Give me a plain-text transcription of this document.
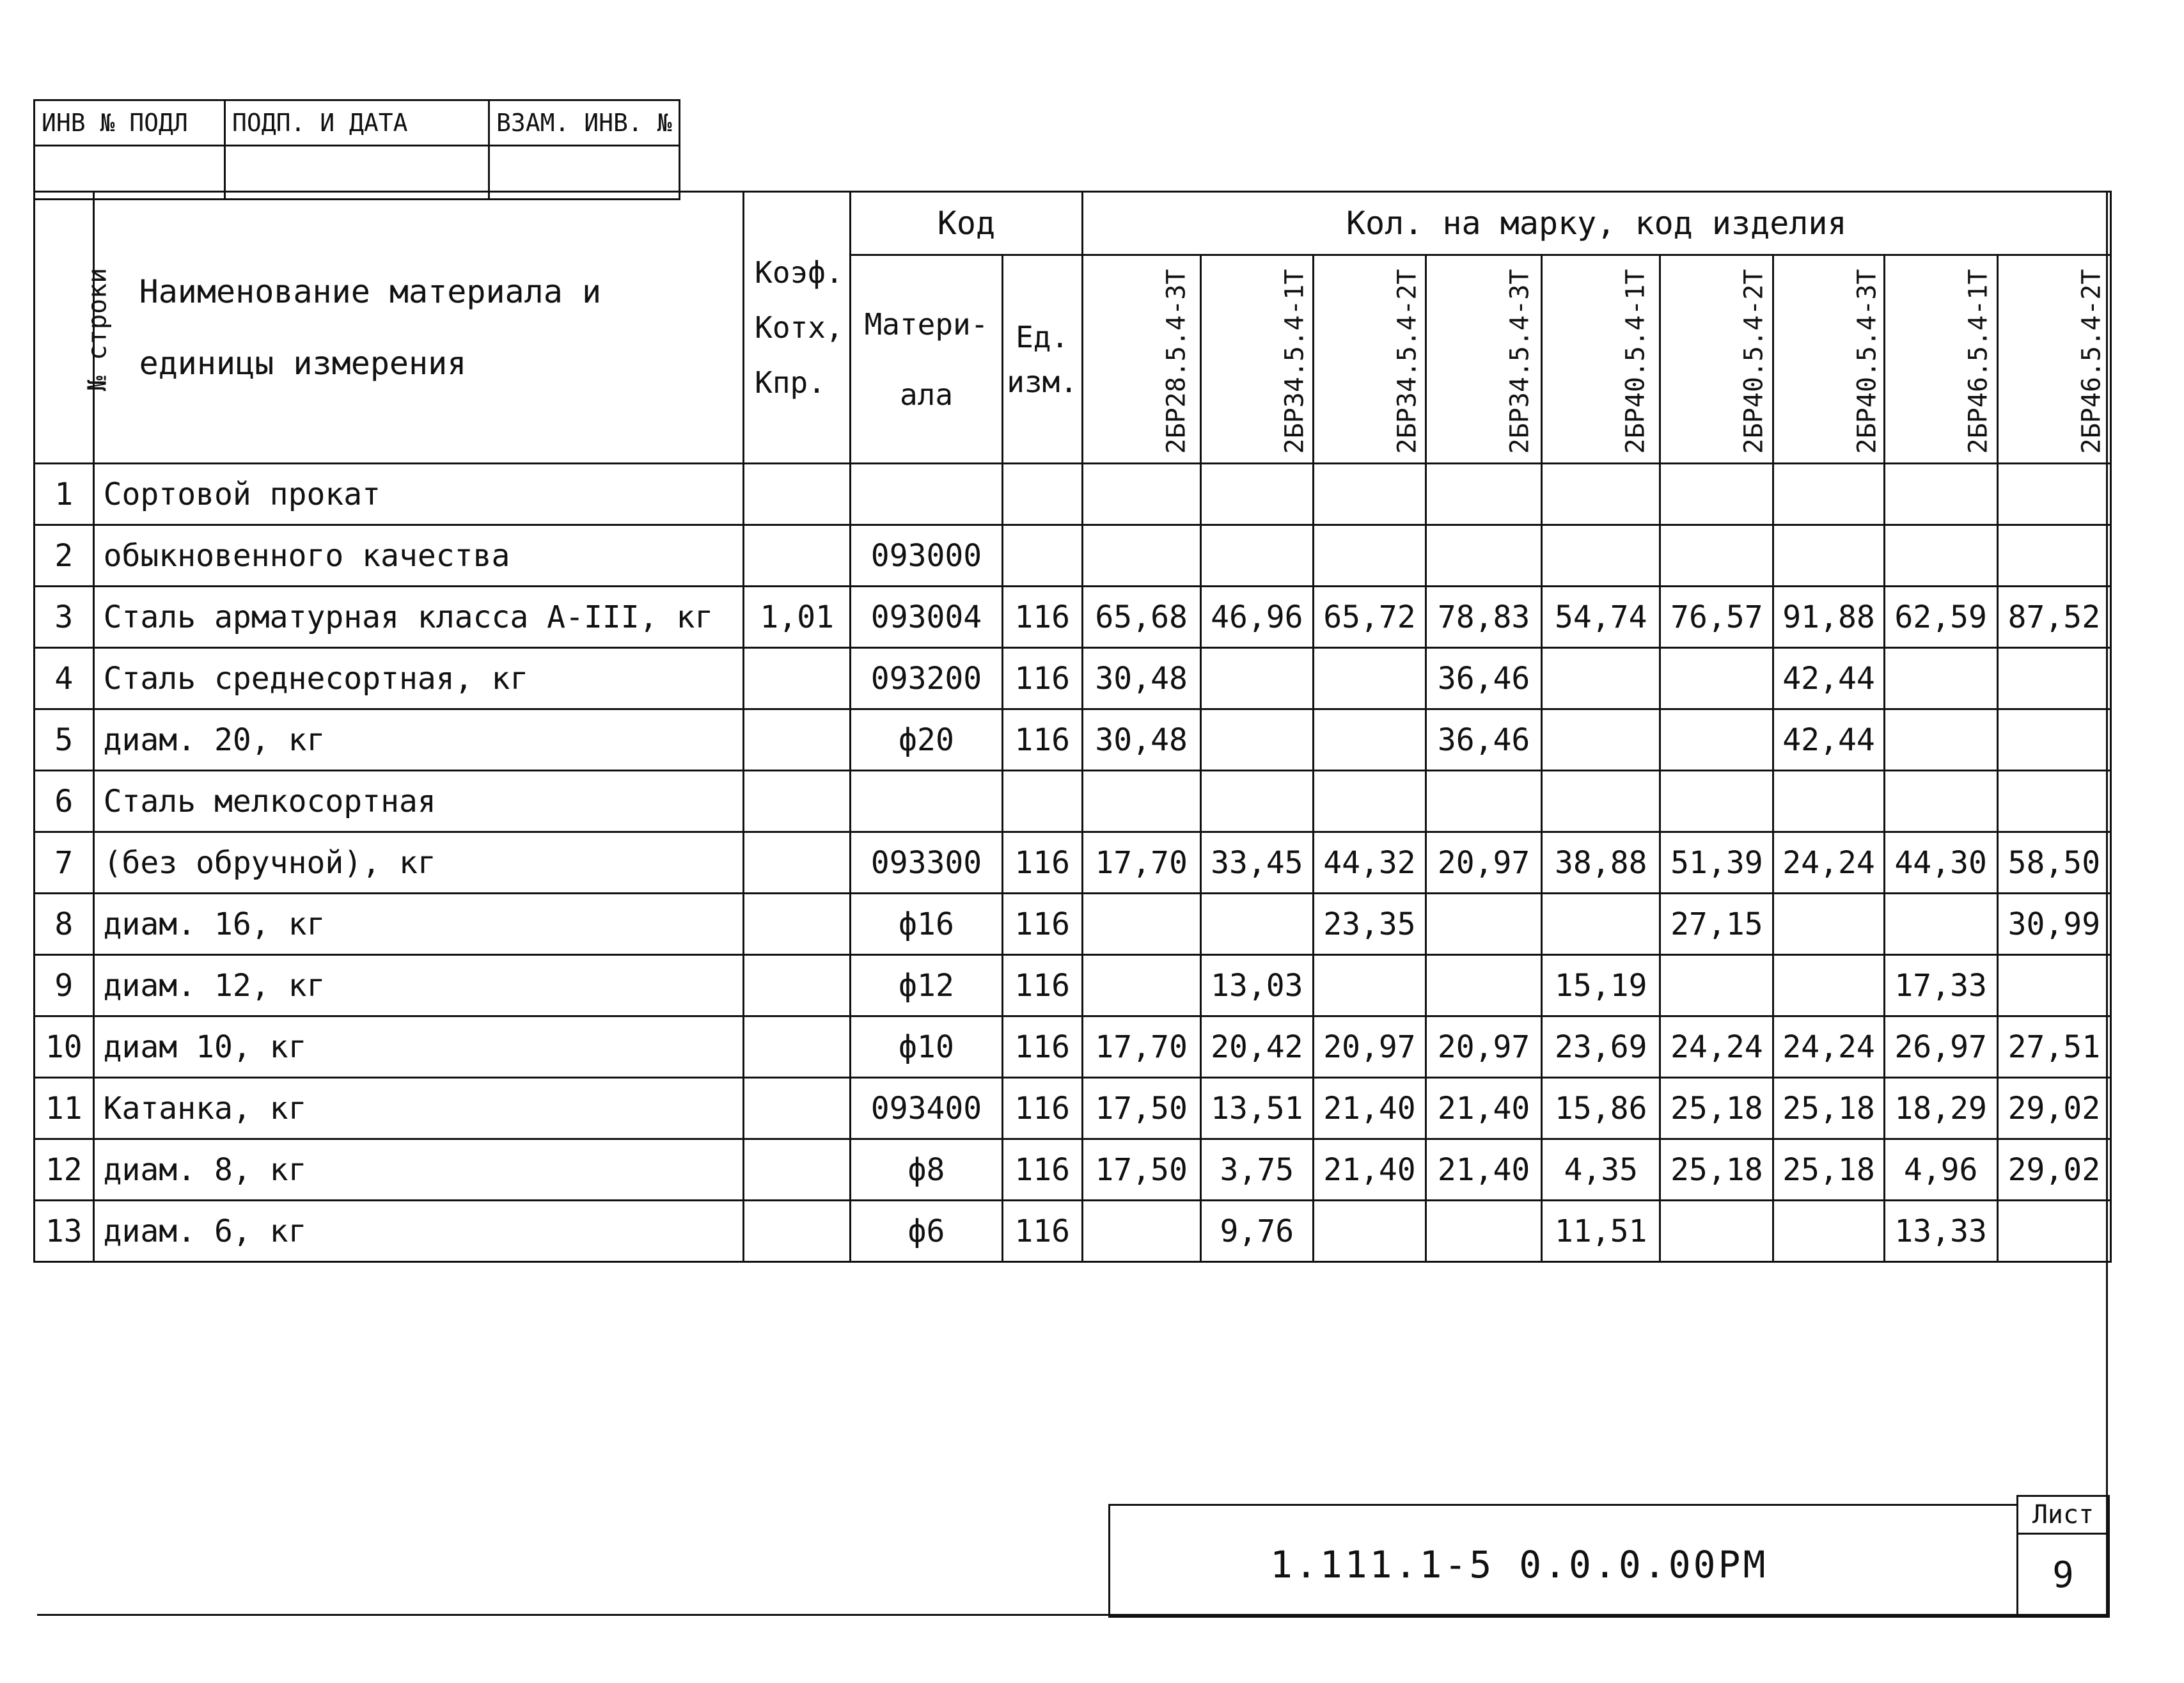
ИНВ № ПОДЛ	ПОДП. И ДАТА	ВЗАМ. ИНВ. №

№ строки	Наименование материала и единицы измерения	Коэф. Котх, Кпр.	Код		Кол. на марку, код изделия								
			Матери- ала	Ед. изм.	2БР28.5.4-3Т	2БР34.5.4-1Т	2БР34.5.4-2Т	2БР34.5.4-3Т	2БР40.5.4-1Т	2БР40.5.4-2Т	2БР40.5.4-3Т	2БР46.5.4-1Т	2БР46.5.4-2Т
1	Сортовой прокат												
2	обыкновенного качества		093000										
3	Сталь арматурная класса А-III, кг	1,01	093004	116	65,68	46,96	65,72	78,83	54,74	76,57	91,88	62,59	87,52
4	Сталь среднесортная, кг		093200	116	30,48			36,46			42,44		
5	диам. 20, кг		ф20	116	30,48			36,46			42,44		
6	Сталь мелкосортная												
7	(без обручной), кг		093300	116	17,70	33,45	44,32	20,97	38,88	51,39	24,24	44,30	58,50
8	диам. 16, кг		ф16	116			23,35			27,15			30,99
9	диам. 12, кг		ф12	116		13,03			15,19			17,33	
10	диам 10, кг		ф10	116	17,70	20,42	20,97	20,97	23,69	24,24	24,24	26,97	27,51
11	Катанка, кг		093400	116	17,50	13,51	21,40	21,40	15,86	25,18	25,18	18,29	29,02
12	диам. 8, кг		ф8	116	17,50	3,75	21,40	21,40	4,35	25,18	25,18	4,96	29,02
13	диам. 6, кг		ф6	116		9,76			11,51			13,33	

1.111.1-5 0.0.0.00РМ
Лист
9
